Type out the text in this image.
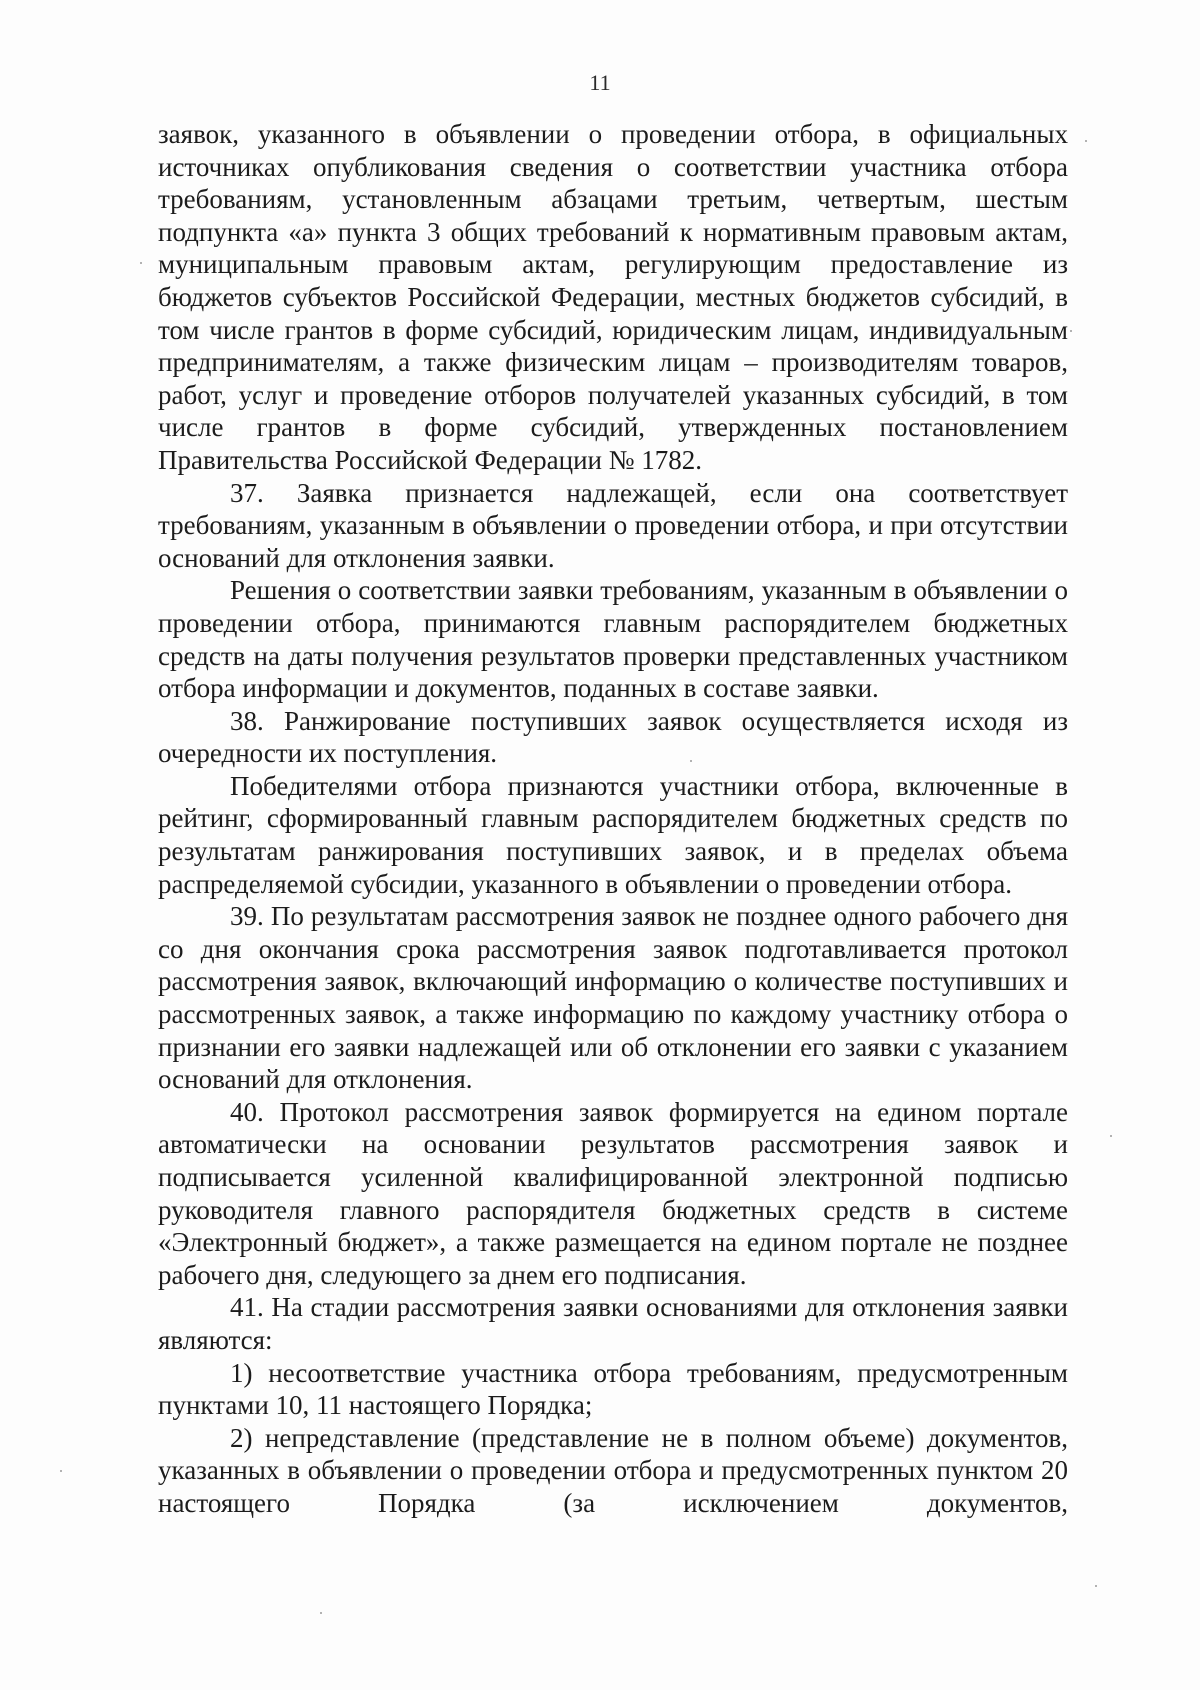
11

заявок, указанного в объявлении о проведении отбора, в официальных источниках опубликования сведения о соответствии участника отбора требованиям, установленным абзацами третьим, четвертым, шестым подпункта «а» пункта 3 общих требований к нормативным правовым актам, муниципальным правовым актам, регулирующим предоставление из бюджетов субъектов Российской Федерации, местных бюджетов субсидий, в том числе грантов в форме субсидий, юридическим лицам, индивидуальным предпринимателям, а также физическим лицам – производителям товаров, работ, услуг и проведение отборов получателей указанных субсидий, в том числе грантов в форме субсидий, утвержденных постановлением Правительства Российской Федерации № 1782.

37. Заявка признается надлежащей, если она соответствует требованиям, указанным в объявлении о проведении отбора, и при отсутствии оснований для отклонения заявки.

Решения о соответствии заявки требованиям, указанным в объявлении о проведении отбора, принимаются главным распорядителем бюджетных средств на даты получения результатов проверки представленных участником отбора информации и документов, поданных в составе заявки.

38. Ранжирование поступивших заявок осуществляется исходя из очередности их поступления.

Победителями отбора признаются участники отбора, включенные в рейтинг, сформированный главным распорядителем бюджетных средств по результатам ранжирования поступивших заявок, и в пределах объема распределяемой субсидии, указанного в объявлении о проведении отбора.

39. По результатам рассмотрения заявок не позднее одного рабочего дня со дня окончания срока рассмотрения заявок подготавливается протокол рассмотрения заявок, включающий информацию о количестве поступивших и рассмотренных заявок, а также информацию по каждому участнику отбора о признании его заявки надлежащей или об отклонении его заявки с указанием оснований для отклонения.

40. Протокол рассмотрения заявок формируется на едином портале автоматически на основании результатов рассмотрения заявок и подписывается усиленной квалифицированной электронной подписью руководителя главного распорядителя бюджетных средств в системе «Электронный бюджет», а также размещается на едином портале не позднее рабочего дня, следующего за днем его подписания.

41. На стадии рассмотрения заявки основаниями для отклонения заявки являются:

1) несоответствие участника отбора требованиям, предусмотренным пунктами 10, 11 настоящего Порядка;

2) непредставление (представление не в полном объеме) документов, указанных в объявлении о проведении отбора и предусмотренных пунктом 20 настоящего Порядка (за исключением документов,
